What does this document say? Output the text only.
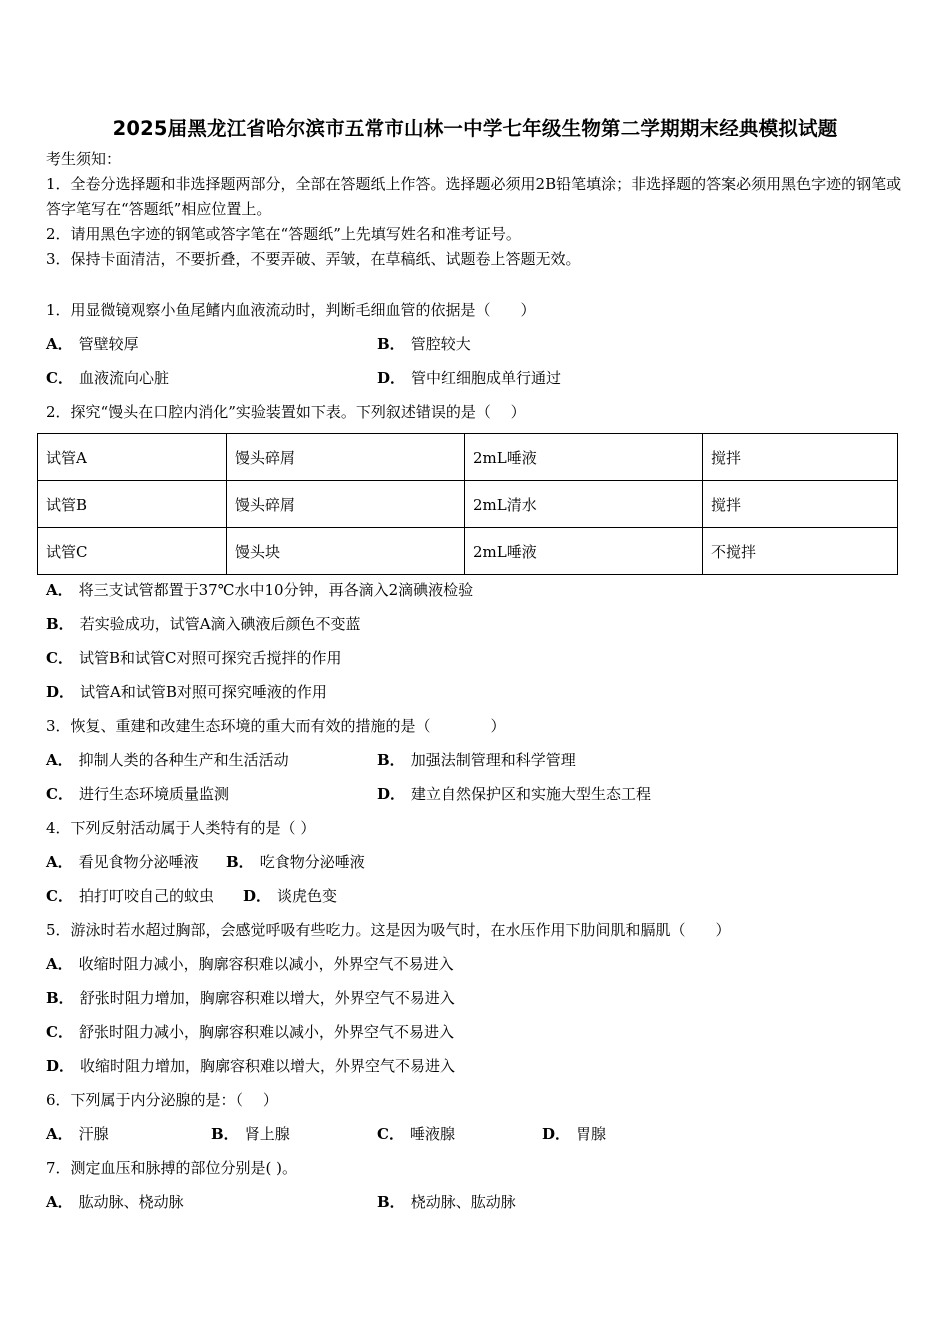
2025届黑龙江省哈尔滨市五常市山林一中学七年级生物第二学期期末经典模拟试题
考生须知：
1．全卷分选择题和非选择题两部分，全部在答题纸上作答。选择题必须用2B铅笔填涂；非选择题的答案必须用黑色字迹的钢笔或答字笔写在“答题纸”相应位置上。
2．请用黑色字迹的钢笔或答字笔在“答题纸”上先填写姓名和准考证号。
3．保持卡面清洁，不要折叠，不要弄破、弄皱，在草稿纸、试题卷上答题无效。
1．用显微镜观察小鱼尾鳍内血液流动时，判断毛细血管的依据是（　　）
A． 管壁较厚	B． 管腔较大
C． 血液流向心脏	D． 管中红细胞成单行通过
2．探究“馒头在口腔内消化”实验装置如下表。下列叙述错误的是（　 ）
试管A	馒头碎屑	2mL唾液	搅拌
试管B	馒头碎屑	2mL清水	搅拌
试管C	馒头块	2mL唾液	不搅拌
A． 将三支试管都置于37℃水中10分钟，再各滴入2滴碘液检验
B． 若实验成功，试管A滴入碘液后颜色不变蓝
C． 试管B和试管C对照可探究舌搅拌的作用
D． 试管A和试管B对照可探究唾液的作用
3．恢复、重建和改建生态环境的重大而有效的措施的是（　　　　）
A． 抑制人类的各种生产和生活活动	B． 加强法制管理和科学管理
C． 进行生态环境质量监测	D． 建立自然保护区和实施大型生态工程
4．下列反射活动属于人类特有的是（ ）
A． 看见食物分泌唾液 B． 吃食物分泌唾液
C． 拍打叮咬自己的蚊虫 D． 谈虎色变
5．游泳时若水超过胸部，会感觉呼吸有些吃力。这是因为吸气时，在水压作用下肋间肌和膈肌（　　）
A． 收缩时阻力减小，胸廓容积难以减小，外界空气不易进入
B． 舒张时阻力增加，胸廓容积难以增大，外界空气不易进入
C． 舒张时阻力减小，胸廓容积难以减小，外界空气不易进入
D． 收缩时阻力增加，胸廓容积难以增大，外界空气不易进入
6．下列属于内分泌腺的是：（　 ）
A． 汗腺	B． 肾上腺	C． 唾液腺	D． 胃腺
7．测定血压和脉搏的部位分别是( )。
A． 肱动脉、桡动脉	B． 桡动脉、肱动脉
